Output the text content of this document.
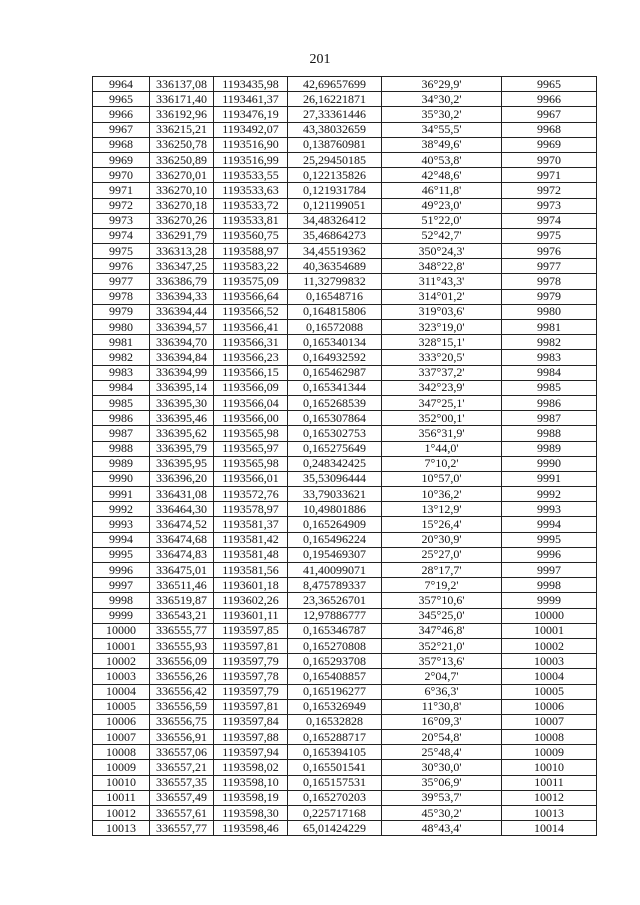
201
9964	336137,08	1193435,98	42,69657699	36°29,9'	9965
9965	336171,40	1193461,37	26,16221871	34°30,2'	9966
9966	336192,96	1193476,19	27,33361446	35°30,2'	9967
9967	336215,21	1193492,07	43,38032659	34°55,5'	9968
9968	336250,78	1193516,90	0,138760981	38°49,6'	9969
9969	336250,89	1193516,99	25,29450185	40°53,8'	9970
9970	336270,01	1193533,55	0,122135826	42°48,6'	9971
9971	336270,10	1193533,63	0,121931784	46°11,8'	9972
9972	336270,18	1193533,72	0,121199051	49°23,0'	9973
9973	336270,26	1193533,81	34,48326412	51°22,0'	9974
9974	336291,79	1193560,75	35,46864273	52°42,7'	9975
9975	336313,28	1193588,97	34,45519362	350°24,3'	9976
9976	336347,25	1193583,22	40,36354689	348°22,8'	9977
9977	336386,79	1193575,09	11,32799832	311°43,3'	9978
9978	336394,33	1193566,64	0,16548716	314°01,2'	9979
9979	336394,44	1193566,52	0,164815806	319°03,6'	9980
9980	336394,57	1193566,41	0,16572088	323°19,0'	9981
9981	336394,70	1193566,31	0,165340134	328°15,1'	9982
9982	336394,84	1193566,23	0,164932592	333°20,5'	9983
9983	336394,99	1193566,15	0,165462987	337°37,2'	9984
9984	336395,14	1193566,09	0,165341344	342°23,9'	9985
9985	336395,30	1193566,04	0,165268539	347°25,1'	9986
9986	336395,46	1193566,00	0,165307864	352°00,1'	9987
9987	336395,62	1193565,98	0,165302753	356°31,9'	9988
9988	336395,79	1193565,97	0,165275649	1°44,0'	9989
9989	336395,95	1193565,98	0,248342425	7°10,2'	9990
9990	336396,20	1193566,01	35,53096444	10°57,0'	9991
9991	336431,08	1193572,76	33,79033621	10°36,2'	9992
9992	336464,30	1193578,97	10,49801886	13°12,9'	9993
9993	336474,52	1193581,37	0,165264909	15°26,4'	9994
9994	336474,68	1193581,42	0,165496224	20°30,9'	9995
9995	336474,83	1193581,48	0,195469307	25°27,0'	9996
9996	336475,01	1193581,56	41,40099071	28°17,7'	9997
9997	336511,46	1193601,18	8,475789337	7°19,2'	9998
9998	336519,87	1193602,26	23,36526701	357°10,6'	9999
9999	336543,21	1193601,11	12,97886777	345°25,0'	10000
10000	336555,77	1193597,85	0,165346787	347°46,8'	10001
10001	336555,93	1193597,81	0,165270808	352°21,0'	10002
10002	336556,09	1193597,79	0,165293708	357°13,6'	10003
10003	336556,26	1193597,78	0,165408857	2°04,7'	10004
10004	336556,42	1193597,79	0,165196277	6°36,3'	10005
10005	336556,59	1193597,81	0,165326949	11°30,8'	10006
10006	336556,75	1193597,84	0,16532828	16°09,3'	10007
10007	336556,91	1193597,88	0,165288717	20°54,8'	10008
10008	336557,06	1193597,94	0,165394105	25°48,4'	10009
10009	336557,21	1193598,02	0,165501541	30°30,0'	10010
10010	336557,35	1193598,10	0,165157531	35°06,9'	10011
10011	336557,49	1193598,19	0,165270203	39°53,7'	10012
10012	336557,61	1193598,30	0,225717168	45°30,2'	10013
10013	336557,77	1193598,46	65,01424229	48°43,4'	10014
